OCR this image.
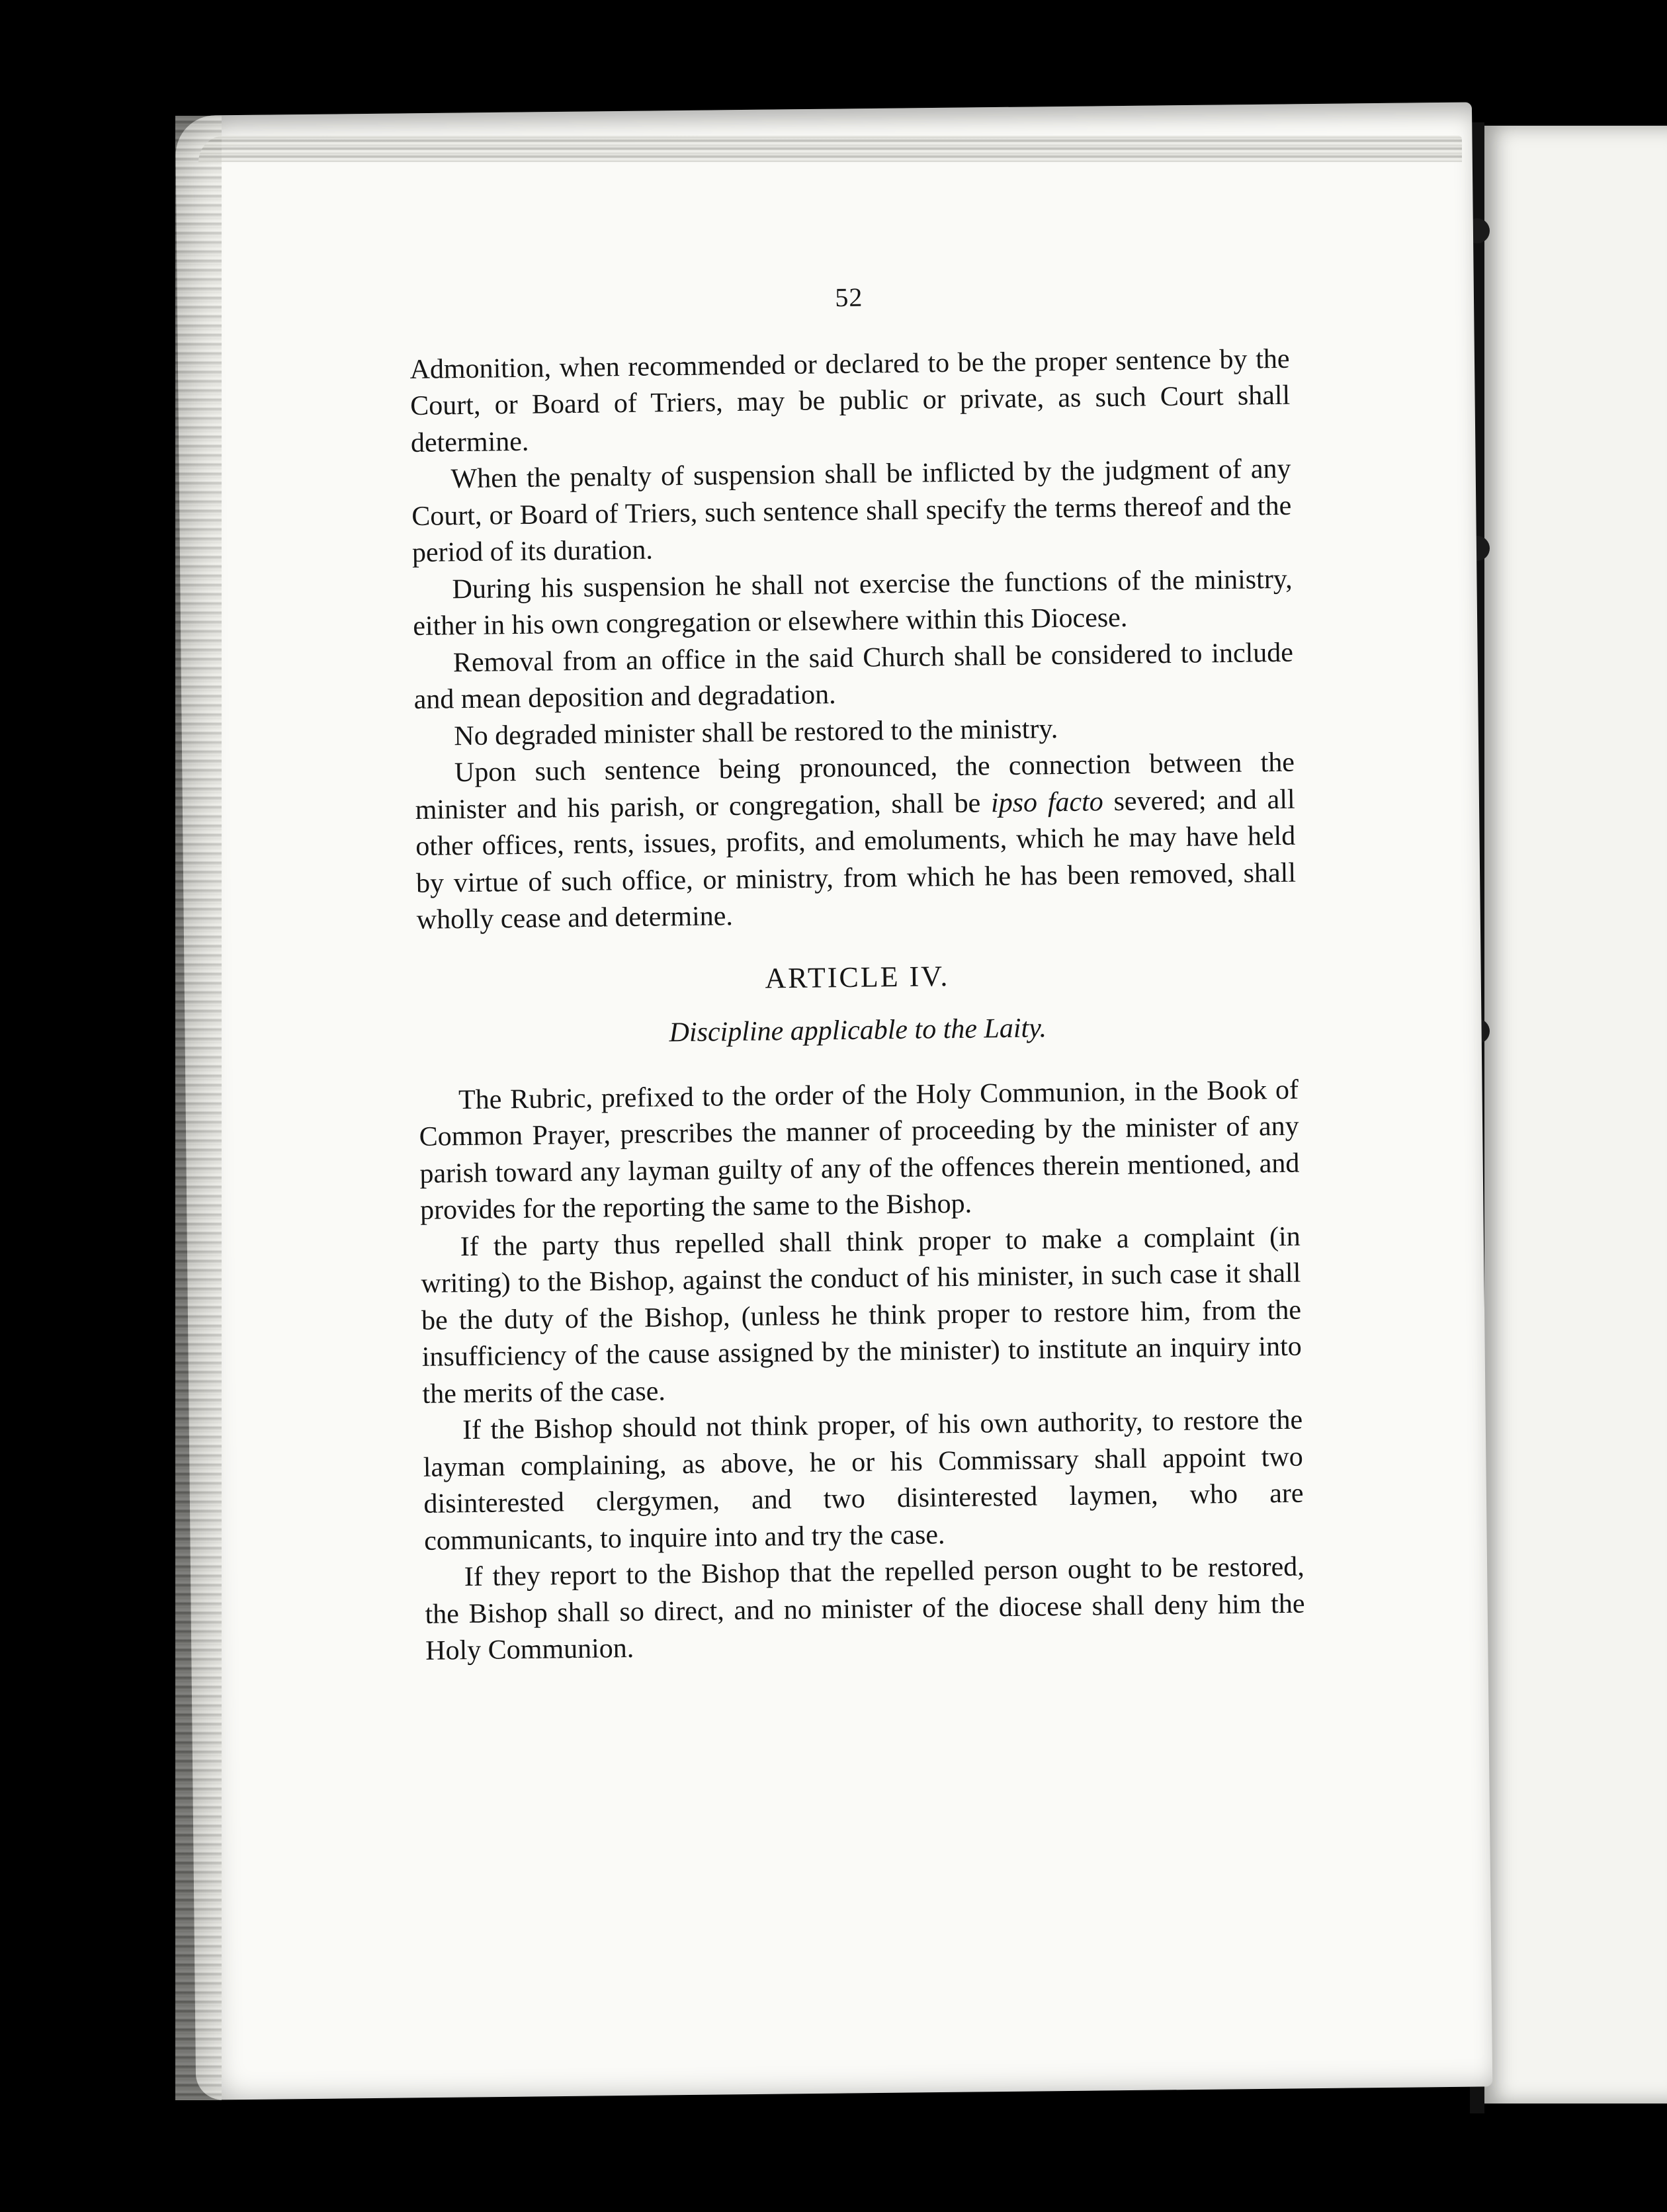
52

Admonition, when recommended or declared to be the proper sentence by the Court, or Board of Triers, may be public or private, as such Court shall determine.

When the penalty of suspension shall be inflicted by the judgment of any Court, or Board of Triers, such sentence shall specify the terms thereof and the period of its duration.

During his suspension he shall not exercise the functions of the ministry, either in his own congregation or elsewhere within this Diocese.

Removal from an office in the said Church shall be considered to include and mean deposition and degradation.

No degraded minister shall be restored to the ministry.

Upon such sentence being pronounced, the connection between the minister and his parish, or congregation, shall be ipso facto severed; and all other offices, rents, issues, profits, and emoluments, which he may have held by virtue of such office, or ministry, from which he has been removed, shall wholly cease and determine.

ARTICLE IV.
Discipline applicable to the Laity.

The Rubric, prefixed to the order of the Holy Communion, in the Book of Common Prayer, prescribes the manner of proceeding by the minister of any parish toward any layman guilty of any of the offences therein mentioned, and provides for the reporting the same to the Bishop.

If the party thus repelled shall think proper to make a complaint (in writing) to the Bishop, against the conduct of his minister, in such case it shall be the duty of the Bishop, (unless he think proper to restore him, from the insufficiency of the cause assigned by the minister) to institute an inquiry into the merits of the case.

If the Bishop should not think proper, of his own authority, to restore the layman complaining, as above, he or his Commissary shall appoint two disinterested clergymen, and two disinterested laymen, who are communicants, to inquire into and try the case.

If they report to the Bishop that the repelled person ought to be restored, the Bishop shall so direct, and no minister of the diocese shall deny him the Holy Communion.
